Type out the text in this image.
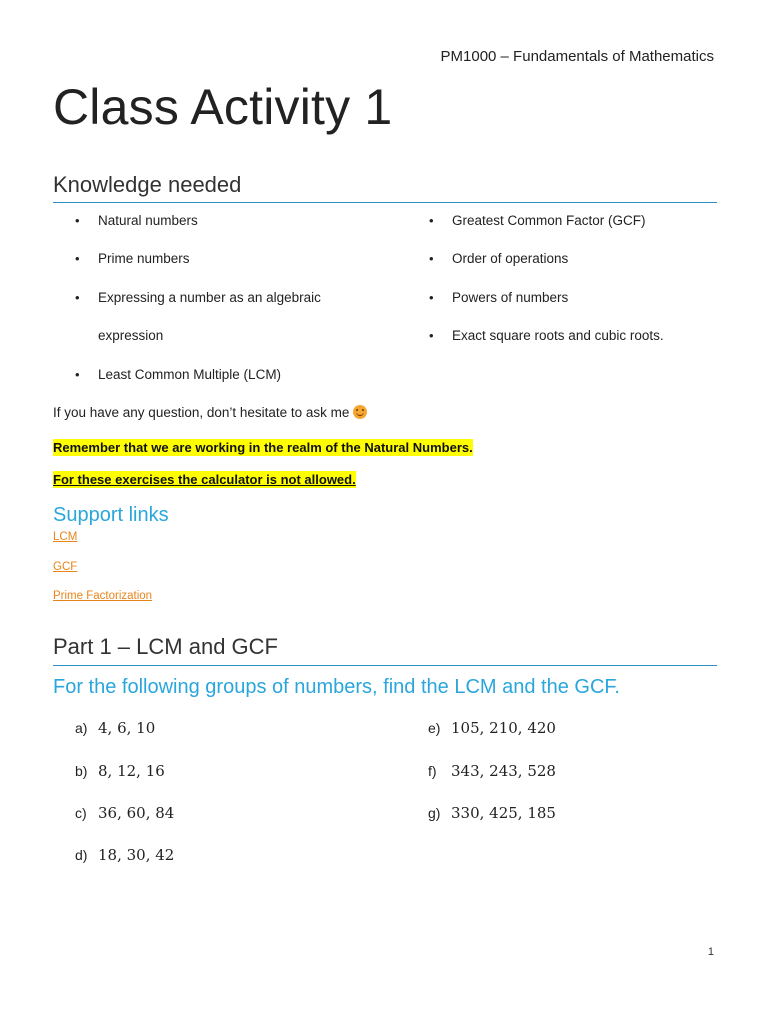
PM1000 – Fundamentals of Mathematics
Class Activity 1
Knowledge needed
• Natural numbers
• Prime numbers
• Expressing a number as an algebraic
expression
• Least Common Multiple (LCM)
• Greatest Common Factor (GCF)
• Order of operations
• Powers of numbers
• Exact square roots and cubic roots.
If you have any question, don’t hesitate to ask me
Remember that we are working in the realm of the Natural Numbers.
For these exercises the calculator is not allowed.
Support links
LCM
GCF
Prime Factorization
Part 1 – LCM and GCF
For the following groups of numbers, find the LCM and the GCF.
a) 4, 6, 10
b) 8, 12, 16
c) 36, 60, 84
d) 18, 30, 42
e) 105, 210, 420
f) 343, 243, 528
g) 330, 425, 185
1
